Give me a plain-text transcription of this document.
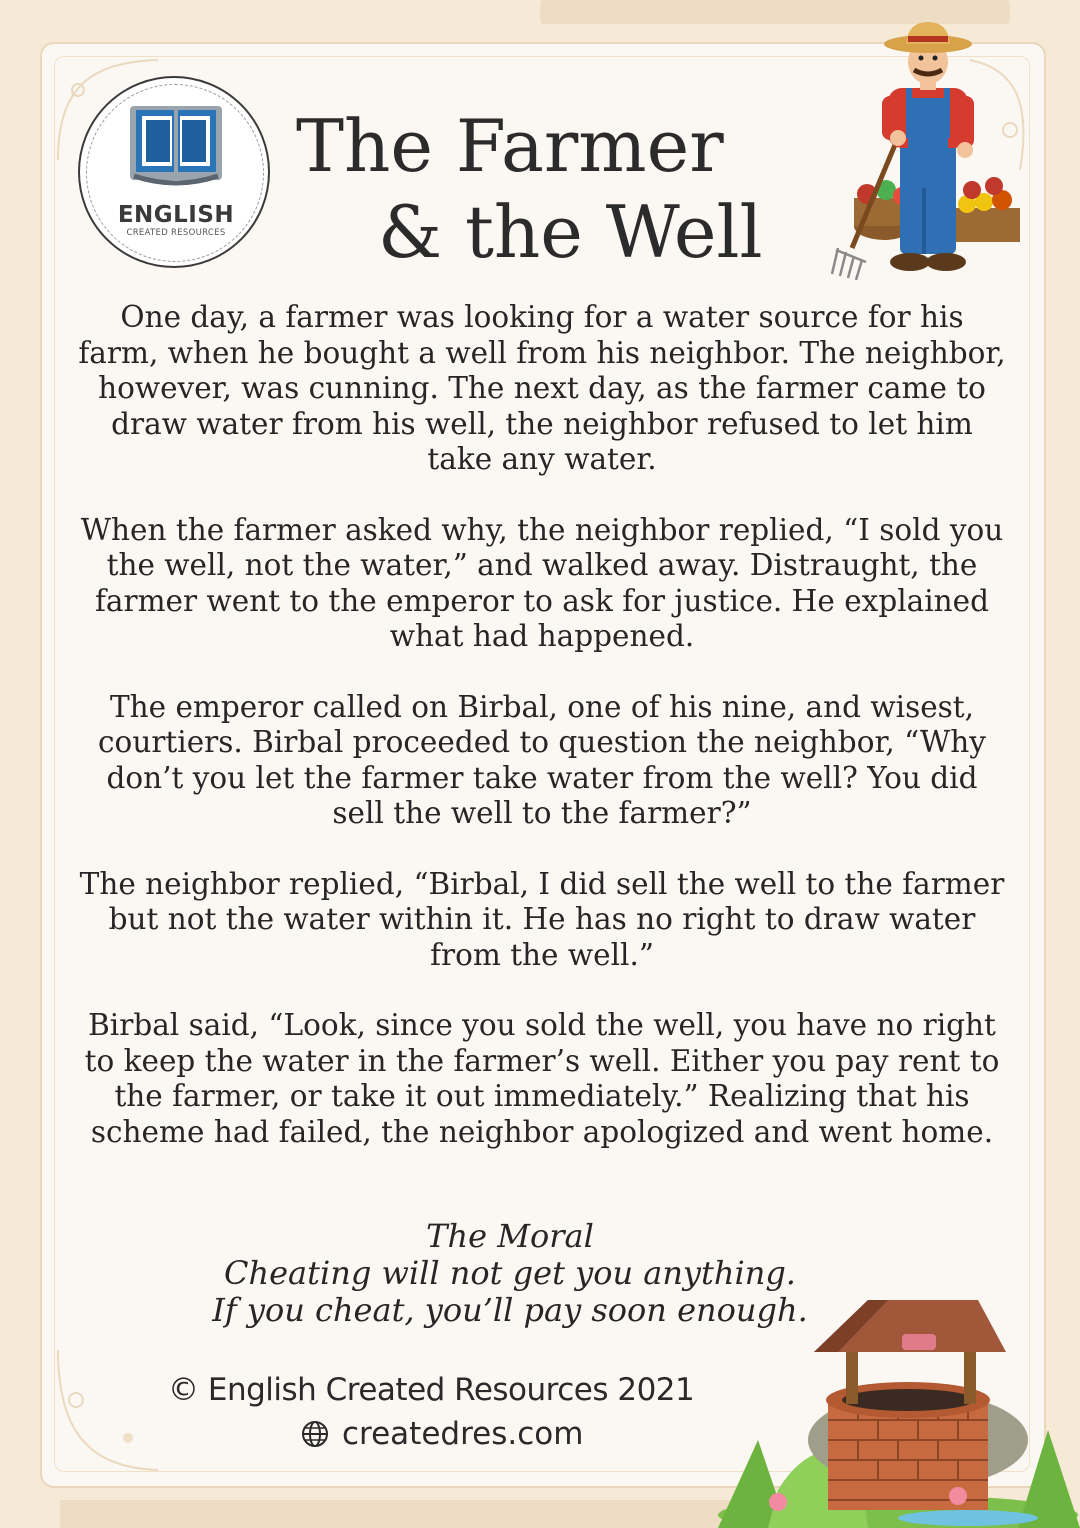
ENGLISH
CREATED RESOURCES
The Farmer
& the Well

One day, a farmer was looking for a water source for his farm, when he bought a well from his neighbor. The neighbor, however, was cunning. The next day, as the farmer came to draw water from his well, the neighbor refused to let him take any water.

When the farmer asked why, the neighbor replied, “I sold you the well, not the water,” and walked away. Distraught, the farmer went to the emperor to ask for justice. He explained what had happened.

The emperor called on Birbal, one of his nine, and wisest, courtiers. Birbal proceeded to question the neighbor, “Why don’t you let the farmer take water from the well? You did sell the well to the farmer?”

The neighbor replied, “Birbal, I did sell the well to the farmer but not the water within it. He has no right to draw water from the well.”

Birbal said, “Look, since you sold the well, you have no right to keep the water in the farmer’s well. Either you pay rent to the farmer, or take it out immediately.” Realizing that his scheme had failed, the neighbor apologized and went home.

The Moral
Cheating will not get you anything.
If you cheat, you’ll pay soon enough.
© English Created Resources 2021
createdres.com
